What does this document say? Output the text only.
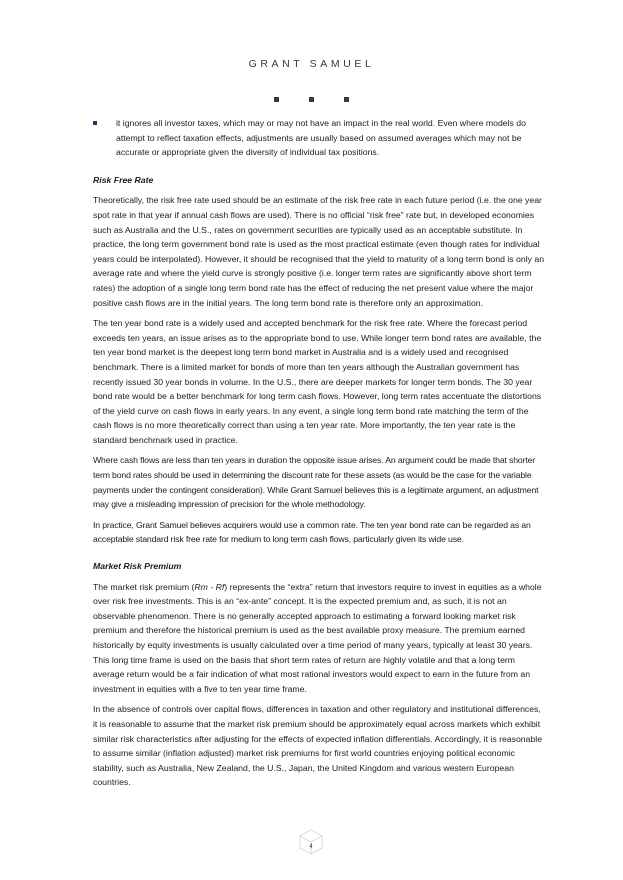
GRANT SAMUEL
it ignores all investor taxes, which may or may not have an impact in the real world. Even where models do attempt to reflect taxation effects, adjustments are usually based on assumed averages which may not be accurate or appropriate given the diversity of individual tax positions.
Risk Free Rate

Theoretically, the risk free rate used should be an estimate of the risk free rate in each future period (i.e. the one year spot rate in that year if annual cash flows are used). There is no official “risk free” rate but, in developed economies such as Australia and the U.S., rates on government securities are typically used as an acceptable substitute. In practice, the long term government bond rate is used as the most practical estimate (even though rates for individual years could be interpolated). However, it should be recognised that the yield to maturity of a long term bond is only an average rate and where the yield curve is strongly positive (i.e. longer term rates are significantly above short term rates) the adoption of a single long term bond rate has the effect of reducing the net present value where the major positive cash flows are in the initial years. The long term bond rate is therefore only an approximation.

The ten year bond rate is a widely used and accepted benchmark for the risk free rate. Where the forecast period exceeds ten years, an issue arises as to the appropriate bond to use. While longer term bond rates are available, the ten year bond market is the deepest long term bond market in Australia and is a widely used and recognised benchmark. There is a limited market for bonds of more than ten years although the Australian government has recently issued 30 year bonds in volume. In the U.S., there are deeper markets for longer term bonds. The 30 year bond rate would be a better benchmark for long term cash flows. However, long term rates accentuate the distortions of the yield curve on cash flows in early years. In any event, a single long term bond rate matching the term of the cash flows is no more theoretically correct than using a ten year rate. More importantly, the ten year rate is the standard benchmark used in practice.

Where cash flows are less than ten years in duration the opposite issue arises. An argument could be made that shorter term bond rates should be used in determining the discount rate for these assets (as would be the case for the variable payments under the contingent consideration). While Grant Samuel believes this is a legitimate argument, an adjustment may give a misleading impression of precision for the whole methodology.

In practice, Grant Samuel believes acquirers would use a common rate. The ten year bond rate can be regarded as an acceptable standard risk free rate for medium to long term cash flows, particularly given its wide use.

Market Risk Premium

The market risk premium (Rm - Rf) represents the “extra” return that investors require to invest in equities as a whole over risk free investments. This is an “ex-ante” concept. It is the expected premium and, as such, it is not an observable phenomenon. There is no generally accepted approach to estimating a forward looking market risk premium and therefore the historical premium is used as the best available proxy measure. The premium earned historically by equity investments is usually calculated over a time period of many years, typically at least 30 years. This long time frame is used on the basis that short term rates of return are highly volatile and that a long term average return would be a fair indication of what most rational investors would expect to earn in the future from an investment in equities with a five to ten year time frame.

In the absence of controls over capital flows, differences in taxation and other regulatory and institutional differences, it is reasonable to assume that the market risk premium should be approximately equal across markets which exhibit similar risk characteristics after adjusting for the effects of expected inflation differentials. Accordingly, it is reasonable to assume similar (inflation adjusted) market risk premiums for first world countries enjoying political economic stability, such as Australia, New Zealand, the U.S., Japan, the United Kingdom and various western European countries.

4
